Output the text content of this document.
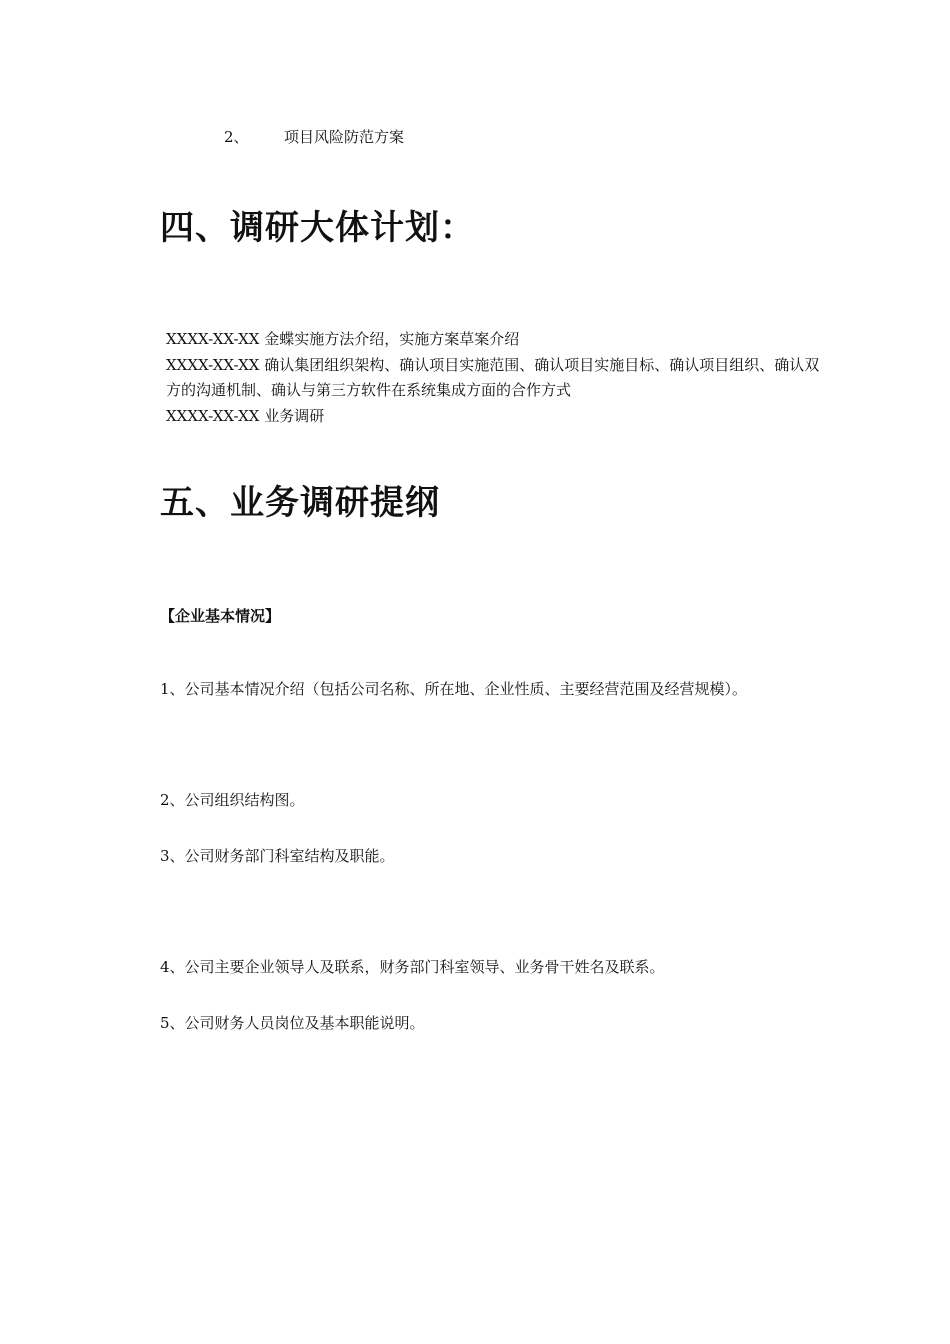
2、 项目风险防范方案
四、调研大体计划：

XXXX-XX-XX 金蝶实施方法介绍，实施方案草案介绍

XXXX-XX-XX 确认集团组织架构、确认项目实施范围、确认项目实施目标、确认项目组织、确认双方的沟通机制、确认与第三方软件在系统集成方面的合作方式

XXXX-XX-XX 业务调研

五、业务调研提纲
【企业基本情况】
1、公司基本情况介绍（包括公司名称、所在地、企业性质、主要经营范围及经营规模）。
2、公司组织结构图。
3、公司财务部门科室结构及职能。
4、公司主要企业领导人及联系，财务部门科室领导、业务骨干姓名及联系。
5、公司财务人员岗位及基本职能说明。
